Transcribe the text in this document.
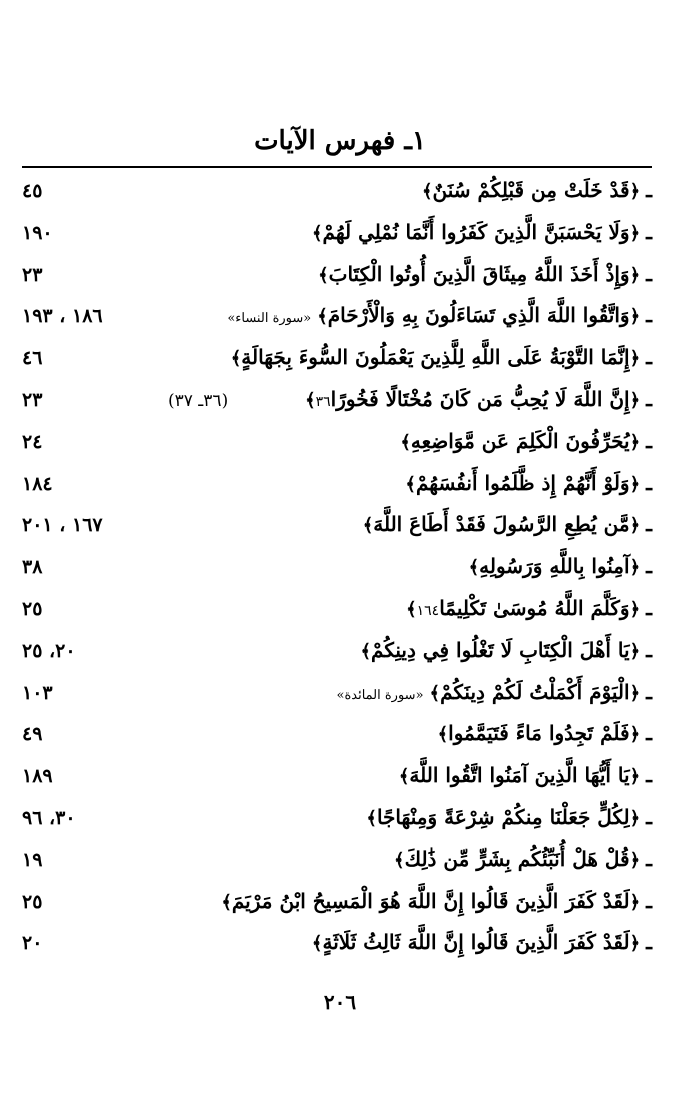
١ـ فهرس الآيات
ـ﴿قَدْ خَلَتْ مِن قَبْلِكُمْ سُنَنٌ﴾
٤٥
ـ﴿وَلَا يَحْسَبَنَّ الَّذِينَ كَفَرُوا أَنَّمَا نُمْلِي لَهُمْ﴾
١٩٠
ـ﴿وَإِذْ أَخَذَ اللَّهُ مِيثَاقَ الَّذِينَ أُوتُوا الْكِتَابَ﴾
٢٣
ـ﴿وَاتَّقُوا اللَّهَ الَّذِي تَسَاءَلُونَ بِهِ وَالْأَرْحَامَ﴾«سورة النساء»
١٨٦ ، ١٩٣
ـ﴿إِنَّمَا التَّوْبَةُ عَلَى اللَّهِ لِلَّذِينَ يَعْمَلُونَ السُّوءَ بِجَهَالَةٍ﴾
٤٦
ـ﴿إِنَّ اللَّهَ لَا يُحِبُّ مَن كَانَ مُخْتَالًا فَخُورًا٣٦﴾
(٣٦ـ ٣٧)
٢٣
ـ﴿يُحَرِّفُونَ الْكَلِمَ عَن مَّوَاضِعِهِ﴾
٢٤
ـ﴿وَلَوْ أَنَّهُمْ إِذ ظَّلَمُوا أَنفُسَهُمْ﴾
١٨٤
ـ﴿مَّن يُطِعِ الرَّسُولَ فَقَدْ أَطَاعَ اللَّهَ﴾
١٦٧ ، ٢٠١
ـ﴿آمِنُوا بِاللَّهِ وَرَسُولِهِ﴾
٣٨
ـ﴿وَكَلَّمَ اللَّهُ مُوسَىٰ تَكْلِيمًا١٦٤﴾
٢٥
ـ﴿يَا أَهْلَ الْكِتَابِ لَا تَغْلُوا فِي دِينِكُمْ﴾
٢٠، ٢٥
ـ﴿الْيَوْمَ أَكْمَلْتُ لَكُمْ دِينَكُمْ﴾«سورة المائدة»
١٠٣
ـ﴿فَلَمْ تَجِدُوا مَاءً فَتَيَمَّمُوا﴾
٤٩
ـ﴿يَا أَيُّهَا الَّذِينَ آمَنُوا اتَّقُوا اللَّهَ﴾
١٨٩
ـ﴿لِكُلٍّ جَعَلْنَا مِنكُمْ شِرْعَةً وَمِنْهَاجًا﴾
٣٠، ٩٦
ـ﴿قُلْ هَلْ أُنَبِّئُكُم بِشَرٍّ مِّن ذَٰلِكَ﴾
١٩
ـ﴿لَقَدْ كَفَرَ الَّذِينَ قَالُوا إِنَّ اللَّهَ هُوَ الْمَسِيحُ ابْنُ مَرْيَمَ﴾
٢٥
ـ﴿لَقَدْ كَفَرَ الَّذِينَ قَالُوا إِنَّ اللَّهَ ثَالِثُ ثَلَاثَةٍ﴾
٢٠
٢٠٦
